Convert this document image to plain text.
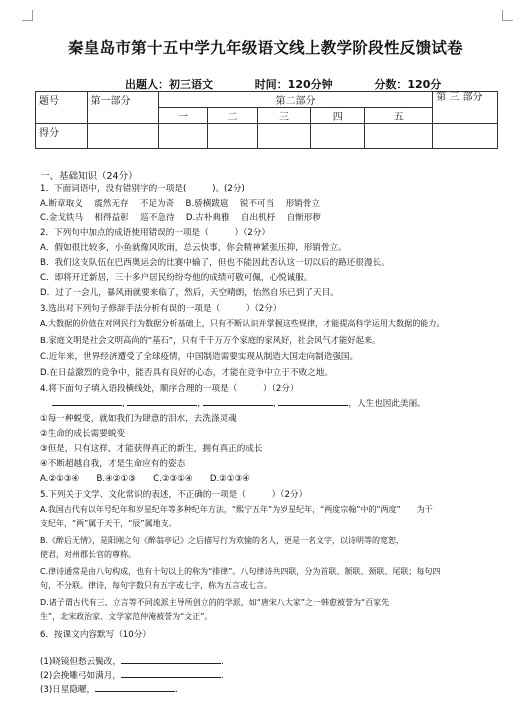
秦皇岛市第十五中学九年级语文线上教学阶段性反馈试卷
出题人：初三语文	时间：120分钟	分数：120分
题号	第一部分	第二部分					第 三 部分
		一	二	三	四	五	
得分							
一、基础知识（24分）
1．下面词语中，没有错别字的一项是(　　　)。(2分)
A.断章取义　 震然无存　 不足为奇　 B.骄横跋扈　 锐不可当　 形销骨立
C.金戈铁马　 相得益彰　 巡不急待　 D.古朴典雅　 自出机杼　 自惭形秽
2．下列句中加点的成语使用错误的一项是（　　　）（2分）
A．假如很比较多，小鱼就像风吹雨，总云快事，你会精神紧张压抑，形销骨立。
B．我们这支队伍在巴西奥运会的比赛中输了，但也不能因此否认这一切以后的路还很漫长。
C．即将开迁新居，三十多户居民纷纷夸他的成绩可敬可佩，心悦诚服。
D．过了一会儿，暴风雨就要来临了，然后，天空晴朗，怡然自乐已到了天目。
3.选出对下列句子修辞手法分析有误的一项是（　　　）（2分）
A.大数据的价值在对网民行为数据分析基础上，只有不断认识并掌握这些规律，才能提高科学运用大数据的能力。
B.家庭文明是社会文明高尚的“基石”，只有千千万万个家庭的家风好，社会风气才能好起来。
C.近年来，世界经济遭受了全球疫情，中国制造需要实现从制造大国走向制造强国。
D.在日益激烈的竞争中，能否具有良好的心态，才能在竞争中立于不败之地。
4.将下面句子填入语段横线处，顺序合理的一项是（　　　）（2分）
,	,	,	，人生也因此美丽。
①每一种蜕变，就如我们为肆意的泪水，去洗涤灵魂
②生命的成长需要蜕变
③但是，只有这样，才能获得真正的新生，拥有真正的成长
④不断超越自我，才是生命应有的姿态
A.②①③④　　B.④②①③　　C.②③①④　　D.②①③④
5.下列关于文学、文化常识的表述，不正确的一项是（　　　）（2分）
A.我国古代有以年号纪年和岁星纪年等多种纪年方法，“熙宁五年”为岁星纪年，“两度宗翰”中的“两度”　　为干
支纪年，“两”属于天干，“辰”属地支。
B.《醉后无情》，是阳刚之句《醉翁亭记》之后描写行为欢愉的名人，更是一名文字，以诗明等的宽恕，
使君，对州郡长官的尊称。
C.律诗通常是由八句构成，也有十句以上的称为“排律”。八句律诗共四联，分为首联、颔联、颈联、尾联；每句四
句，不分联。律诗，每句字数只有五字或七字，称为五言或七言。
D.诸子谓古代有三、立言等不同流派主导所创立的的学派，如“唐宋八大家”之一韩愈被誉为“百家先
生”，北宋政治家、文学家范仲淹被誉为“文正”。
6．按课文内容默写（10分）
(1)晓镜但愁云鬓改，	.
(2)会挽雕弓如满月，	.
(3)日星隐曜，	.
